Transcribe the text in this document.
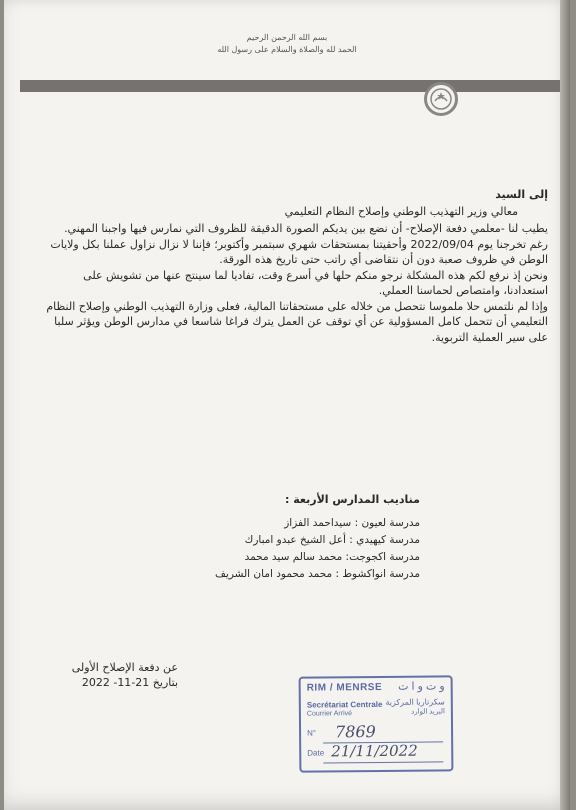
بسم الله الرحمن الرحيم
الحمد لله والصلاة والسلام على رسول الله
إلى السيد
معالي وزير التهذيب الوطني وإصلاح النظام التعليمي

يطيب لنا -معلمي دفعة الإصلاح- أن نضع بين يديكم الصورة الدقيقة للظروف التي نمارس فيها واجبنا المهني.

رغم تخرجنا يوم 2022/09/04 وأحقيتنا بمستحقات شهري سبتمبر وأكتوبر؛ فإننا لا نزال نزاول عملنا بكل ولايات الوطن في ظروف صعبة دون أن نتقاضى أي راتب حتى تاريخ هذه الورقة.

ونحن إذ نرفع لكم هذه المشكلة نرجو منكم حلها في أسرع وقت، تفاديا لما سينتج عنها من تشويش على استعدادنا، وامتصاص لحماسنا العملي.

وإذا لم نلتمس حلا ملموسا نتحصل من خلاله على مستحقاتنا المالية، فعلى وزارة التهذيب الوطني وإصلاح النظام التعليمي أن تتحمل كامل المسؤولية عن أي توقف عن العمل يترك فراغا شاسعا في مدارس الوطن ويؤثر سلبا على سير العملية التربوية.

مناديب المدارس الأربعة :
مدرسة لعيون : سيداحمد الفزاز
مدرسة كيهيدي : أعل الشيخ عبدو امبارك
مدرسة اكجوجت: محمد سالم سيد محمد
مدرسة انواكشوط : محمد محمود امان الشريف
عن دفعة الإصلاح الأولى
بتاريخ 21-11- 2022	RIM / MENRSE و ت و ا ت
Secrétariat Centrale سكرتاريا المركزية
Courrier Arrivé	البريد الوارد
N° 7869
Date 21/11/2022
